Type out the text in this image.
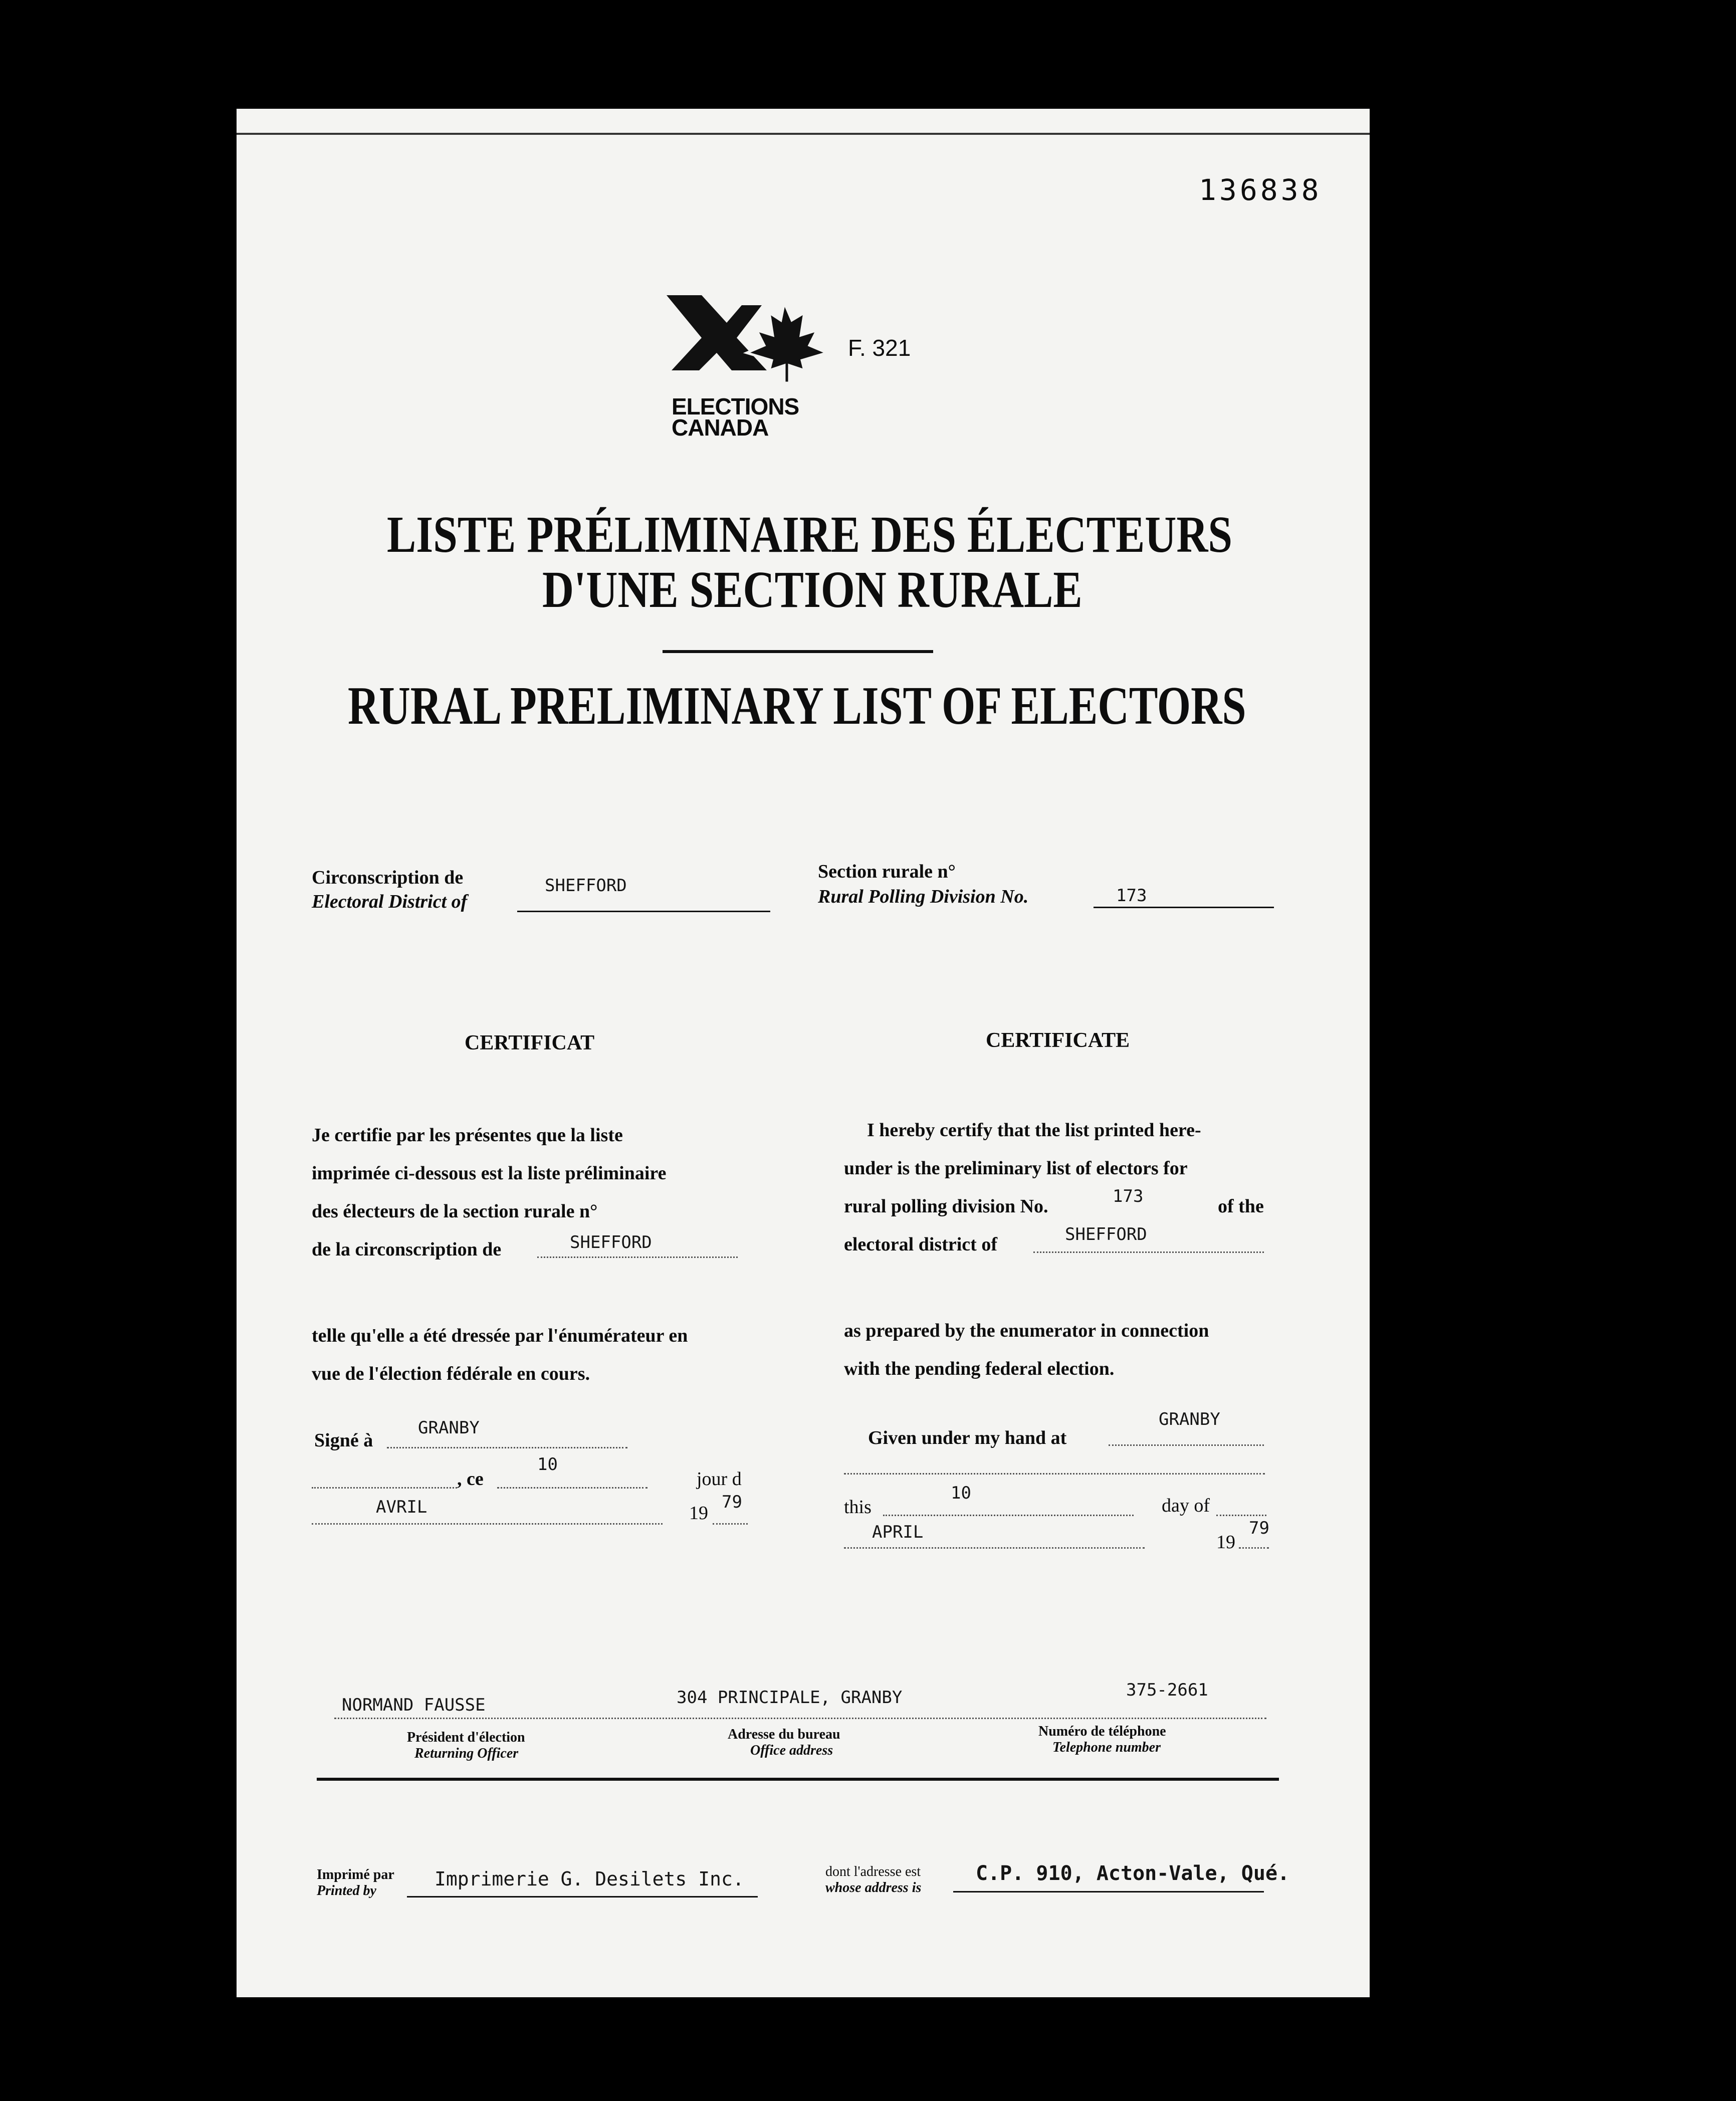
136838
F. 321
ELECTIONS
CANADA
LISTE PRÉLIMINAIRE DES ÉLECTEURS
D'UNE SECTION RURALE
RURAL PRELIMINARY LIST OF ELECTORS
Circonscription de
Electoral District of
SHEFFORD
Section rurale n°
Rural Polling Division No.	173
CERTIFICAT
Je certifie par les présentes que la liste
imprimée ci-dessous est la liste préliminaire
des électeurs de la section rurale n°
de la circonscription de	SHEFFORD
telle qu'elle a été dressée par l'énumérateur en
vue de l'élection fédérale en cours.
Signé à
GRANBY
, ce
10
jour d
AVRIL	19
79
CERTIFICATE
I hereby certify that the list printed here-
under is the preliminary list of electors for
rural polling division No.	173	of the
electoral district of	SHEFFORD
as prepared by the enumerator in connection
with the pending federal election.
Given under my hand at
GRANBY
this
10
day of
APRIL	19
79
NORMAND FAUSSE	304 PRINCIPALE, GRANBY	375-2661
Président d'élection
Returning Officer
Adresse du bureau
Office address
Numéro de téléphone
Telephone number
Imprimé par
Printed by
Imprimerie G. Desilets Inc.	dont l'adresse est
whose address is
C.P. 910, Acton-Vale, Qué.
